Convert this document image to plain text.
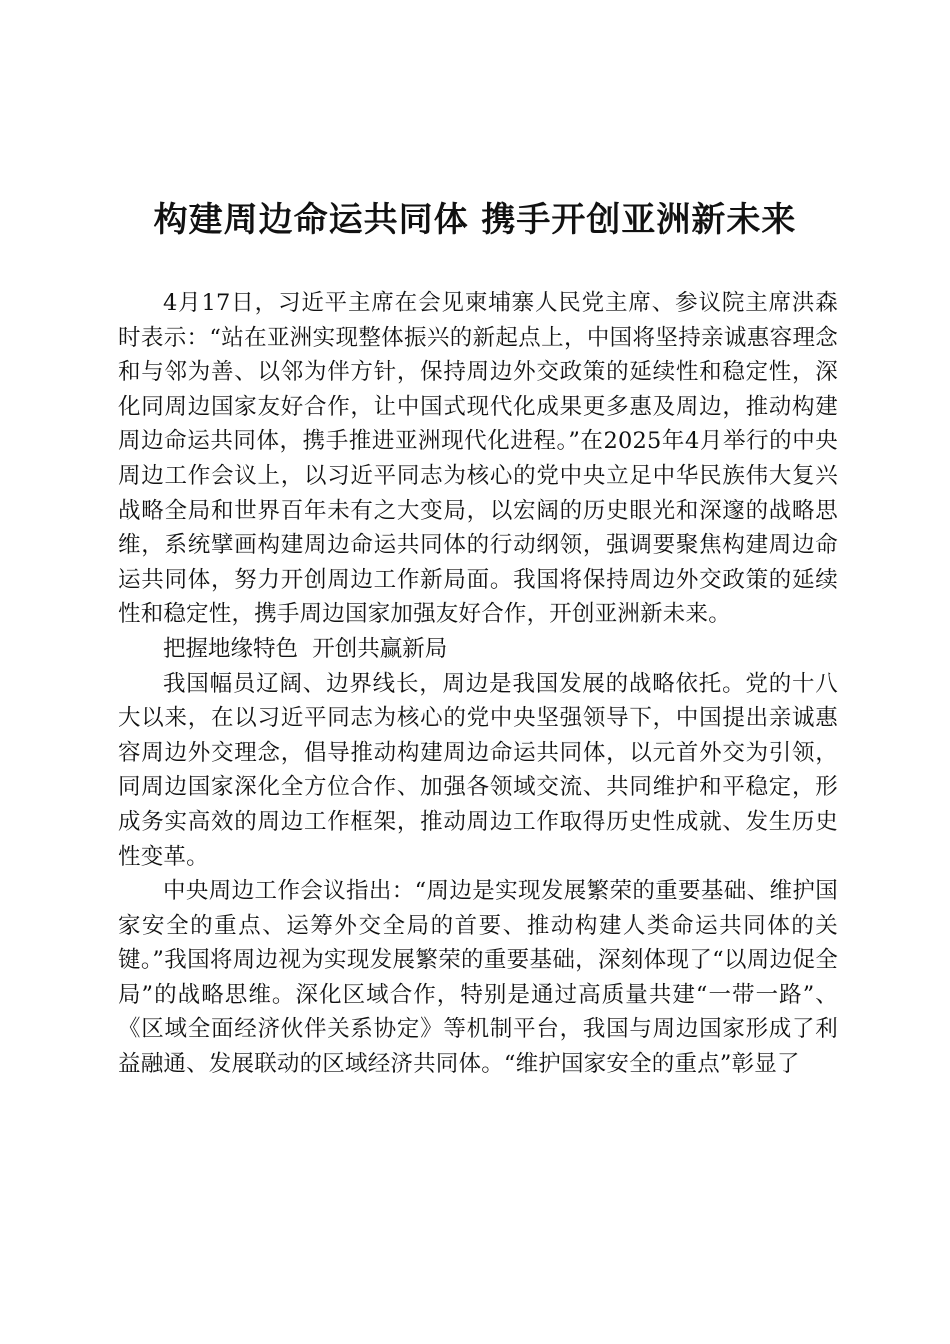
构建周边命运共同体 携手开创亚洲新未来

4月17日，习近平主席在会见柬埔寨人民党主席、参议院主席洪森时表示：“站在亚洲实现整体振兴的新起点上，中国将坚持亲诚惠容理念和与邻为善、以邻为伴方针，保持周边外交政策的延续性和稳定性，深化同周边国家友好合作，让中国式现代化成果更多惠及周边，推动构建周边命运共同体，携手推进亚洲现代化进程。”在2025年4月举行的中央周边工作会议上，以习近平同志为核心的党中央立足中华民族伟大复兴战略全局和世界百年未有之大变局，以宏阔的历史眼光和深邃的战略思维，系统擘画构建周边命运共同体的行动纲领，强调要聚焦构建周边命运共同体，努力开创周边工作新局面。我国将保持周边外交政策的延续性和稳定性，携手周边国家加强友好合作，开创亚洲新未来。

把握地缘特色  开创共赢新局

我国幅员辽阔、边界线长，周边是我国发展的战略依托。党的十八大以来，在以习近平同志为核心的党中央坚强领导下，中国提出亲诚惠容周边外交理念，倡导推动构建周边命运共同体，以元首外交为引领，同周边国家深化全方位合作、加强各领域交流、共同维护和平稳定，形成务实高效的周边工作框架，推动周边工作取得历史性成就、发生历史性变革。

中央周边工作会议指出：“周边是实现发展繁荣的重要基础、维护国家安全的重点、运筹外交全局的首要、推动构建人类命运共同体的关键。”我国将周边视为实现发展繁荣的重要基础，深刻体现了“以周边促全局”的战略思维。深化区域合作，特别是通过高质量共建“一带一路”、《区域全面经济伙伴关系协定》等机制平台，我国与周边国家形成了利益融通、发展联动的区域经济共同体。“维护国家安全的重点”彰显了
